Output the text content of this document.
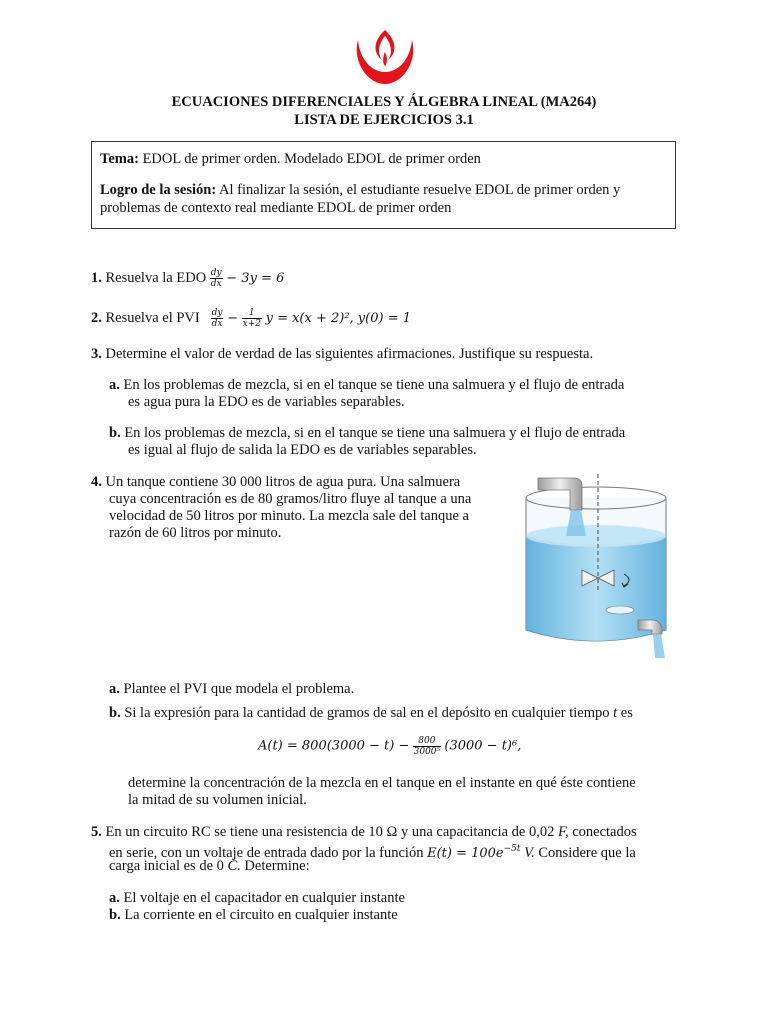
ECUACIONES DIFERENCIALES Y ÁLGEBRA LINEAL (MA264)
LISTA DE EJERCICIOS 3.1
Tema: EDOL de primer orden. Modelado EDOL de primer orden
Logro de la sesión: Al finalizar la sesión, el estudiante resuelve EDOL de primer orden y
problemas de contexto real mediante EDOL de primer orden
1. Resuelva la EDO $\frac{dy}{dx} - 3y = 6$
2. Resuelva el PVI $\frac{dy}{dx} - \frac{1}{x+2}$ y = x(x + 2)², y(0) = 1
3. Determine el valor de verdad de las siguientes afirmaciones. Justifique su respuesta.
a. En los problemas de mezcla, si en el tanque se tiene una salmuera y el flujo de entrada
es agua pura la EDO es de variables separables.
b. En los problemas de mezcla, si en el tanque se tiene una salmuera y el flujo de entrada
es igual al flujo de salida la EDO es de variables separables.
4. Un tanque contiene 30 000 litros de agua pura. Una salmuera
cuya concentración es de 80 gramos/litro fluye al tanque a una
velocidad de 50 litros por minuto. La mezcla sale del tanque a
razón de 60 litros por minuto.
a. Plantee el PVI que modela el problema.
b. Si la expresión para la cantidad de gramos de sal en el depósito en cualquier tiempo t es
$A(t) = 800(3000 - t) - \frac{800}{\text{3000⁵}} (3000 - t)^6$,
determine la concentración de la mezcla en el tanque en el instante en qué éste contiene
la mitad de su volumen inicial.
5. En un circuito RC se tiene una resistencia de 10 Ω y una capacitancia de 0,02 F, conectados
en serie, con un voltaje de entrada dado por la función $E(t) = 100e^{-5t}$ V. Considere que la
carga inicial es de 0 C. Determine:
a. El voltaje en el capacitador en cualquier instante
b. La corriente en el circuito en cualquier instante
